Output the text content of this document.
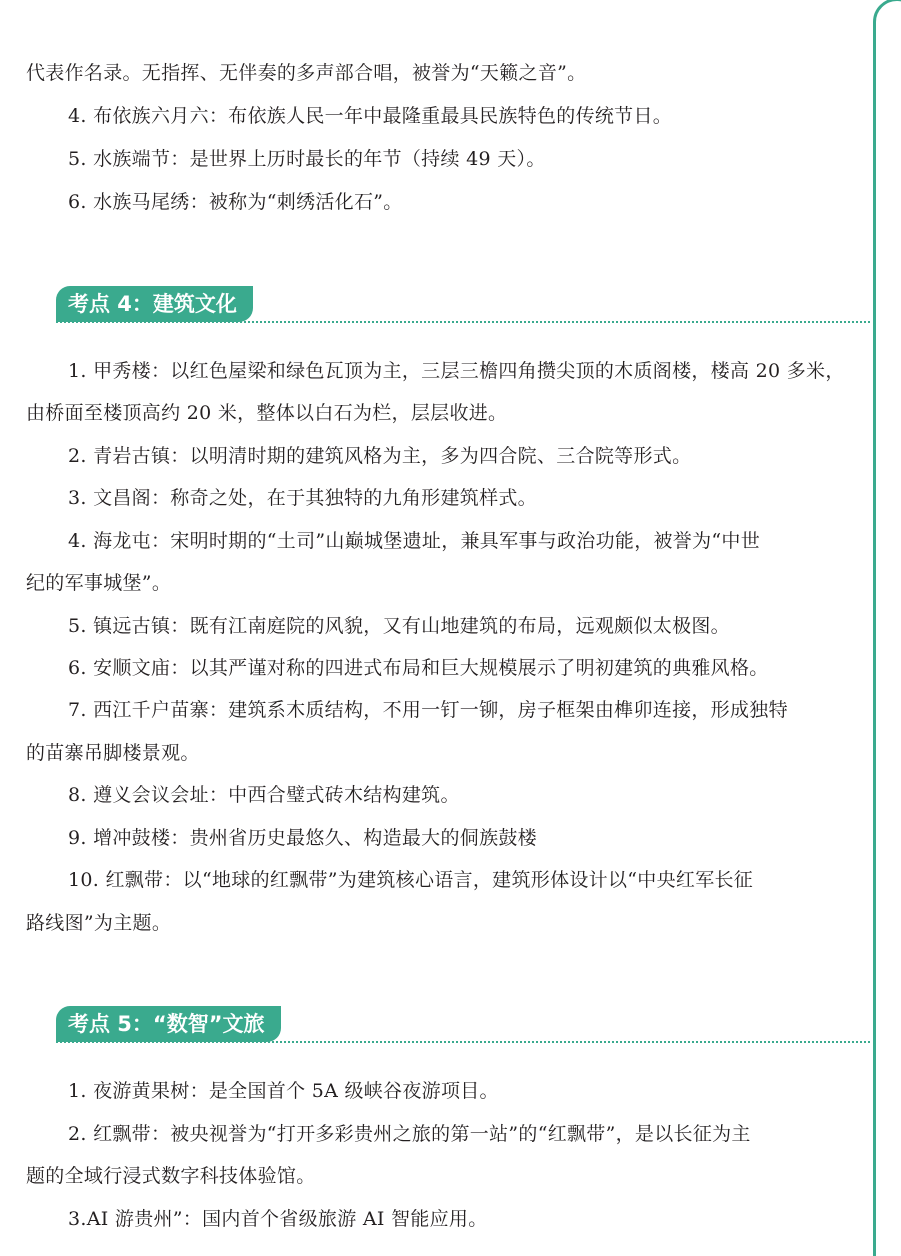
代表作名录。无指挥、无伴奏的多声部合唱，被誉为“天籁之音”。

4. 布依族六月六：布依族人民一年中最隆重最具民族特色的传统节日。

5. 水族端节：是世界上历时最长的年节（持续 49 天）。

6. 水族马尾绣：被称为“刺绣活化石”。

考点 4：建筑文化

1. 甲秀楼：以红色屋梁和绿色瓦顶为主，三层三檐四角攒尖顶的木质阁楼，楼高 20 多米，

由桥面至楼顶高约 20 米，整体以白石为栏，层层收进。

2. 青岩古镇：以明清时期的建筑风格为主，多为四合院、三合院等形式。

3. 文昌阁：称奇之处，在于其独特的九角形建筑样式。

4. 海龙屯：宋明时期的“土司”山巅城堡遗址，兼具军事与政治功能，被誉为“中世

纪的军事城堡”。

5. 镇远古镇：既有江南庭院的风貌，又有山地建筑的布局，远观颇似太极图。

6. 安顺文庙：以其严谨对称的四进式布局和巨大规模展示了明初建筑的典雅风格。

7. 西江千户苗寨：建筑系木质结构，不用一钉一铆，房子框架由榫卯连接，形成独特

的苗寨吊脚楼景观。

8. 遵义会议会址：中西合璧式砖木结构建筑。

9. 增冲鼓楼：贵州省历史最悠久、构造最大的侗族鼓楼

10. 红飘带：以“地球的红飘带”为建筑核心语言，建筑形体设计以“中央红军长征

路线图”为主题。

考点 5：“数智”文旅

1. 夜游黄果树：是全国首个 5A 级峡谷夜游项目。

2. 红飘带：被央视誉为“打开多彩贵州之旅的第一站”的“红飘带”，是以长征为主

题的全域行浸式数字科技体验馆。

3.AI 游贵州”：国内首个省级旅游 AI 智能应用。
